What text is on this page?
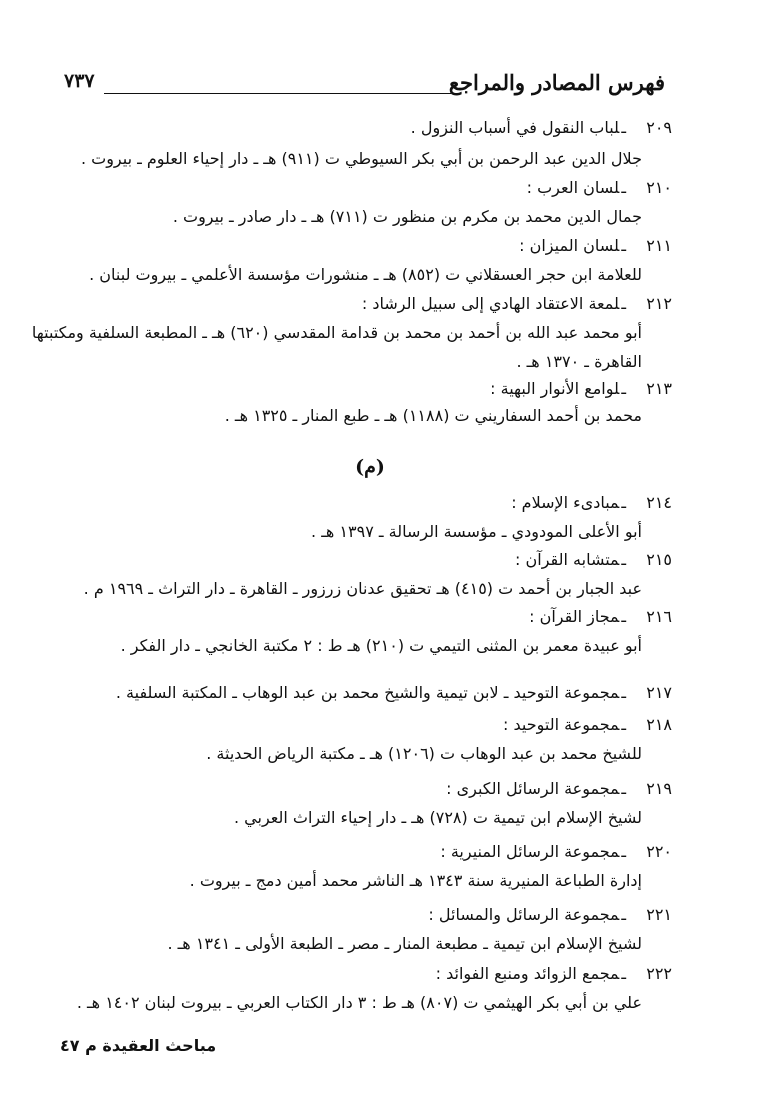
فهرس المصادر والمراجع
٧٣٧
٢٠٩ـلباب النقول في أسباب النزول .
جلال الدين عبد الرحمن بن أبي بكر السيوطي ت (٩١١) هـ ـ دار إحياء العلوم ـ بيروت .
٢١٠ـلسان العرب :
جمال الدين محمد بن مكرم بن منظور ت (٧١١) هـ ـ دار صادر ـ بيروت .
٢١١ـلسان الميزان :
للعلامة ابن حجر العسقلاني ت (٨٥٢) هـ ـ منشورات مؤسسة الأعلمي ـ بيروت لبنان .
٢١٢ـلمعة الاعتقاد الهادي إلى سبيل الرشاد :
أبو محمد عبد الله بن أحمد بن محمد بن قدامة المقدسي (٦٢٠) هـ ـ المطبعة السلفية ومكتبتها
القاهرة ـ ١٣٧٠ هـ .
٢١٣ـلوامع الأنوار البهية :
محمد بن أحمد السفاريني ت (١١٨٨) هـ ـ طبع المنار ـ ١٣٢٥ هـ .
(م)
٢١٤ـمبادىء الإسلام :
أبو الأعلى المودودي ـ مؤسسة الرسالة ـ ١٣٩٧ هـ .
٢١٥ـمتشابه القرآن :
عبد الجبار بن أحمد ت (٤١٥) هـ تحقيق عدنان زرزور ـ القاهرة ـ دار التراث ـ ١٩٦٩ م .
٢١٦ـمجاز القرآن :
أبو عبيدة معمر بن المثنى التيمي ت (٢١٠) هـ ط : ٢ مكتبة الخانجي ـ دار الفكر .
٢١٧ـمجموعة التوحيد ـ لابن تيمية والشيخ محمد بن عبد الوهاب ـ المكتبة السلفية .
٢١٨ـمجموعة التوحيد :
للشيخ محمد بن عبد الوهاب ت (١٢٠٦) هـ ـ مكتبة الرياض الحديثة .
٢١٩ـمجموعة الرسائل الكبرى :
لشيخ الإسلام ابن تيمية ت (٧٢٨) هـ ـ دار إحياء التراث العربي .
٢٢٠ـمجموعة الرسائل المنيرية :
إدارة الطباعة المنيرية سنة ١٣٤٣ هـ الناشر محمد أمين دمج ـ بيروت .
٢٢١ـمجموعة الرسائل والمسائل :
لشيخ الإسلام ابن تيمية ـ مطبعة المنار ـ مصر ـ الطبعة الأولى ـ ١٣٤١ هـ .
٢٢٢ـمجمع الزوائد ومنبع الفوائد :
علي بن أبي بكر الهيثمي ت (٨٠٧) هـ ط : ٣ دار الكتاب العربي ـ بيروت لبنان ١٤٠٢ هـ .
مباحث العقيدة م ٤٧
